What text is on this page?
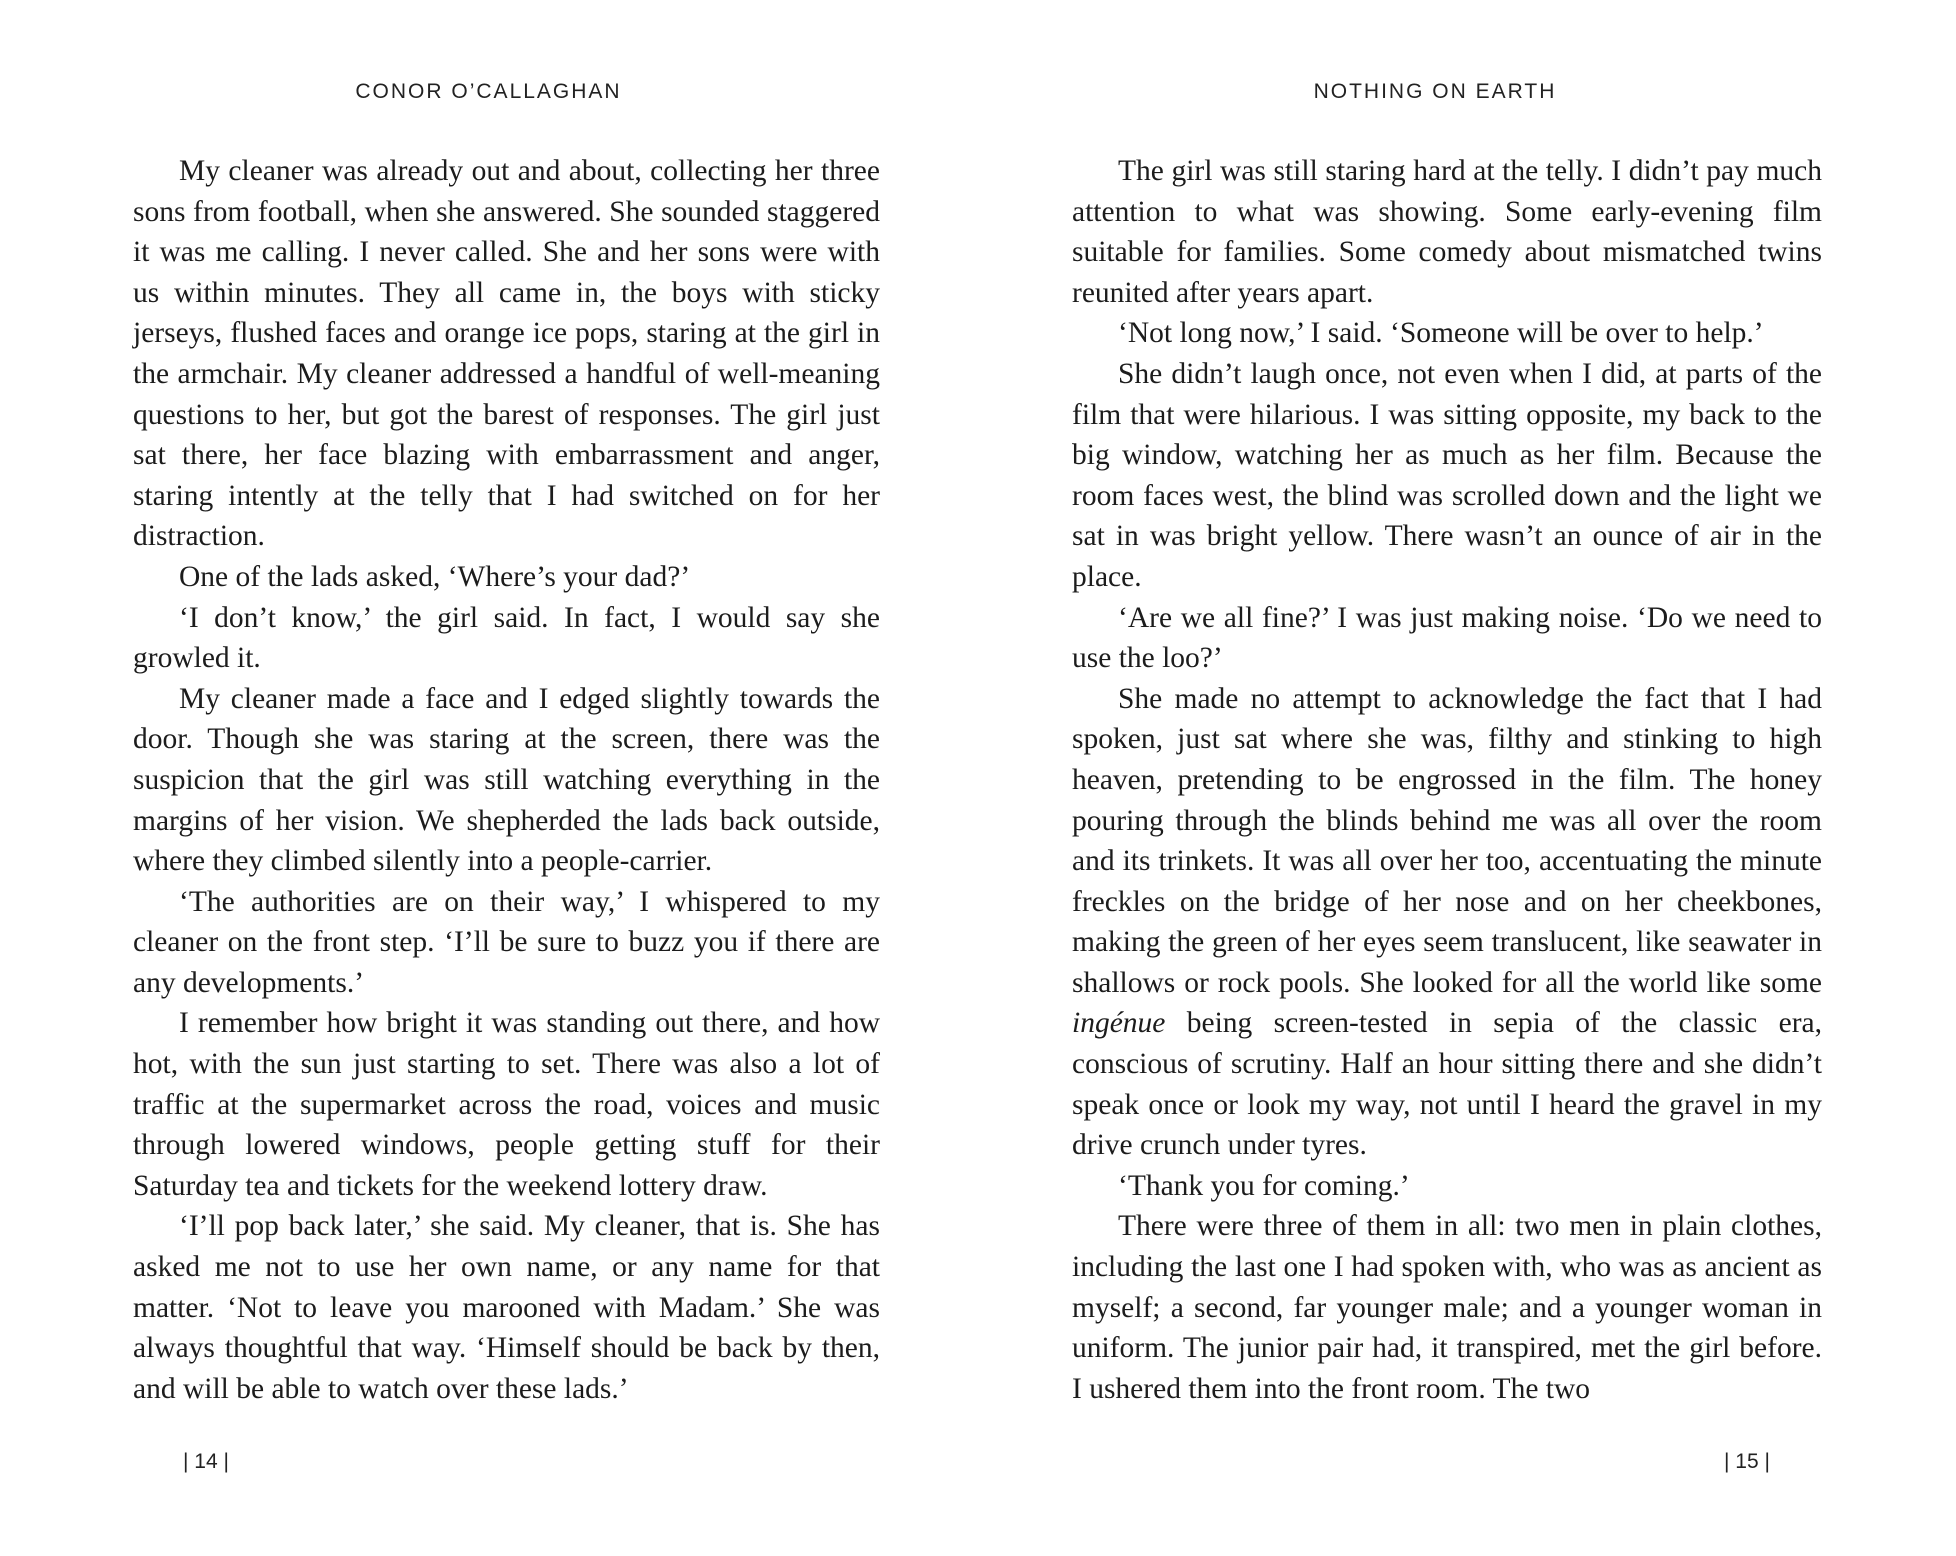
CONOR O’CALLAGHAN

My cleaner was already out and about, collecting her three sons from football, when she answered. She sounded staggered it was me calling. I never called. She and her sons were with us within minutes. They all came in, the boys with sticky jerseys, flushed faces and orange ice pops, staring at the girl in the armchair. My cleaner addressed a handful of well-meaning questions to her, but got the barest of responses. The girl just sat there, her face blazing with embarrassment and anger, staring intently at the telly that I had switched on for her distraction.

One of the lads asked, ‘Where’s your dad?’

‘I don’t know,’ the girl said. In fact, I would say she growled it.

My cleaner made a face and I edged slightly towards the door. Though she was staring at the screen, there was the suspicion that the girl was still watching everything in the margins of her vision. We shepherded the lads back outside, where they climbed silently into a people-carrier.

‘The authorities are on their way,’ I whispered to my cleaner on the front step. ‘I’ll be sure to buzz you if there are any developments.’

I remember how bright it was standing out there, and how hot, with the sun just starting to set. There was also a lot of traffic at the supermarket across the road, voices and music through lowered windows, people getting stuff for their Saturday tea and tickets for the weekend lottery draw.

‘I’ll pop back later,’ she said. My cleaner, that is. She has asked me not to use her own name, or any name for that matter. ‘Not to leave you marooned with Madam.’ She was always thoughtful that way. ‘Himself should be back by then, and will be able to watch over these lads.’

| 14 |
NOTHING ON EARTH

The girl was still staring hard at the telly. I didn’t pay much attention to what was showing. Some early-evening film suitable for families. Some comedy about mismatched twins reunited after years apart.

‘Not long now,’ I said. ‘Someone will be over to help.’

She didn’t laugh once, not even when I did, at parts of the film that were hilarious. I was sitting opposite, my back to the big window, watching her as much as her film. Because the room faces west, the blind was scrolled down and the light we sat in was bright yellow. There wasn’t an ounce of air in the place.

‘Are we all fine?’ I was just making noise. ‘Do we need to use the loo?’

She made no attempt to acknowledge the fact that I had spoken, just sat where she was, filthy and stinking to high heaven, pretending to be engrossed in the film. The honey pouring through the blinds behind me was all over the room and its trinkets. It was all over her too, accentuating the minute freckles on the bridge of her nose and on her cheekbones, making the green of her eyes seem translucent, like seawater in shallows or rock pools. She looked for all the world like some ingénue being screen-tested in sepia of the classic era, conscious of scrutiny. Half an hour sitting there and she didn’t speak once or look my way, not until I heard the gravel in my drive crunch under tyres.

‘Thank you for coming.’

There were three of them in all: two men in plain clothes, including the last one I had spoken with, who was as ancient as myself; a second, far younger male; and a younger woman in uniform. The junior pair had, it transpired, met the girl before. I ushered them into the front room. The two

| 15 |
